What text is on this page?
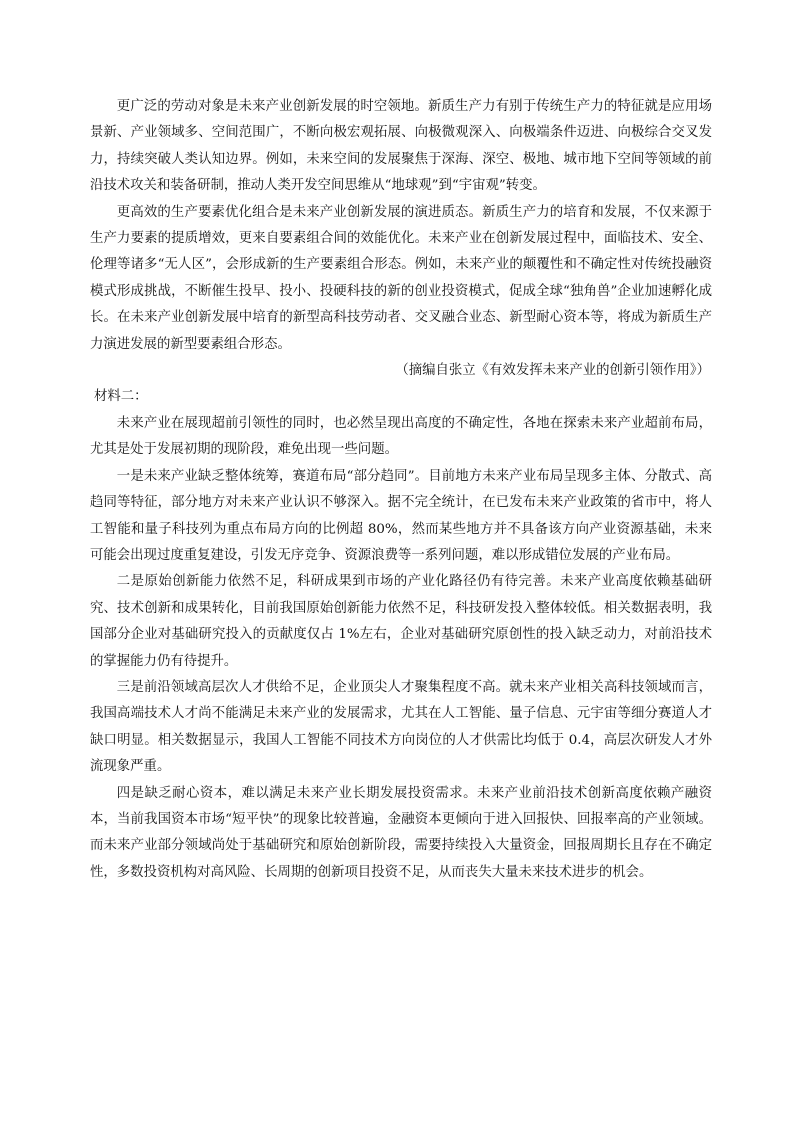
更广泛的劳动对象是未来产业创新发展的时空领地。新质生产力有别于传统生产力的特征就是应用场景新、产业领域多、空间范围广，不断向极宏观拓展、向极微观深入、向极端条件迈进、向极综合交叉发力，持续突破人类认知边界。例如，未来空间的发展聚焦于深海、深空、极地、城市地下空间等领域的前沿技术攻关和装备研制，推动人类开发空间思维从“地球观”到“宇宙观”转变。

更高效的生产要素优化组合是未来产业创新发展的演进质态。新质生产力的培育和发展，不仅来源于生产力要素的提质增效，更来自要素组合间的效能优化。未来产业在创新发展过程中，面临技术、安全、伦理等诸多“无人区”，会形成新的生产要素组合形态。例如，未来产业的颠覆性和不确定性对传统投融资模式形成挑战，不断催生投早、投小、投硬科技的新的创业投资模式，促成全球“独角兽”企业加速孵化成长。在未来产业创新发展中培育的新型高科技劳动者、交叉融合业态、新型耐心资本等，将成为新质生产力演进发展的新型要素组合形态。

（摘编自张立《有效发挥未来产业的创新引领作用》）

材料二：

未来产业在展现超前引领性的同时，也必然呈现出高度的不确定性，各地在探索未来产业超前布局，尤其是处于发展初期的现阶段，难免出现一些问题。

一是未来产业缺乏整体统筹，赛道布局“部分趋同”。目前地方未来产业布局呈现多主体、分散式、高趋同等特征，部分地方对未来产业认识不够深入。据不完全统计，在已发布未来产业政策的省市中，将人工智能和量子科技列为重点布局方向的比例超 80%，然而某些地方并不具备该方向产业资源基础，未来可能会出现过度重复建设，引发无序竞争、资源浪费等一系列问题，难以形成错位发展的产业布局。

二是原始创新能力依然不足，科研成果到市场的产业化路径仍有待完善。未来产业高度依赖基础研究、技术创新和成果转化，目前我国原始创新能力依然不足，科技研发投入整体较低。相关数据表明，我国部分企业对基础研究投入的贡献度仅占 1%左右，企业对基础研究原创性的投入缺乏动力，对前沿技术的掌握能力仍有待提升。

三是前沿领域高层次人才供给不足，企业顶尖人才聚集程度不高。就未来产业相关高科技领域而言，我国高端技术人才尚不能满足未来产业的发展需求，尤其在人工智能、量子信息、元宇宙等细分赛道人才缺口明显。相关数据显示，我国人工智能不同技术方向岗位的人才供需比均低于 0.4，高层次研发人才外流现象严重。

四是缺乏耐心资本，难以满足未来产业长期发展投资需求。未来产业前沿技术创新高度依赖产融资本，当前我国资本市场“短平快”的现象比较普遍，金融资本更倾向于进入回报快、回报率高的产业领域。而未来产业部分领域尚处于基础研究和原始创新阶段，需要持续投入大量资金，回报周期长且存在不确定性，多数投资机构对高风险、长周期的创新项目投资不足，从而丧失大量未来技术进步的机会。
